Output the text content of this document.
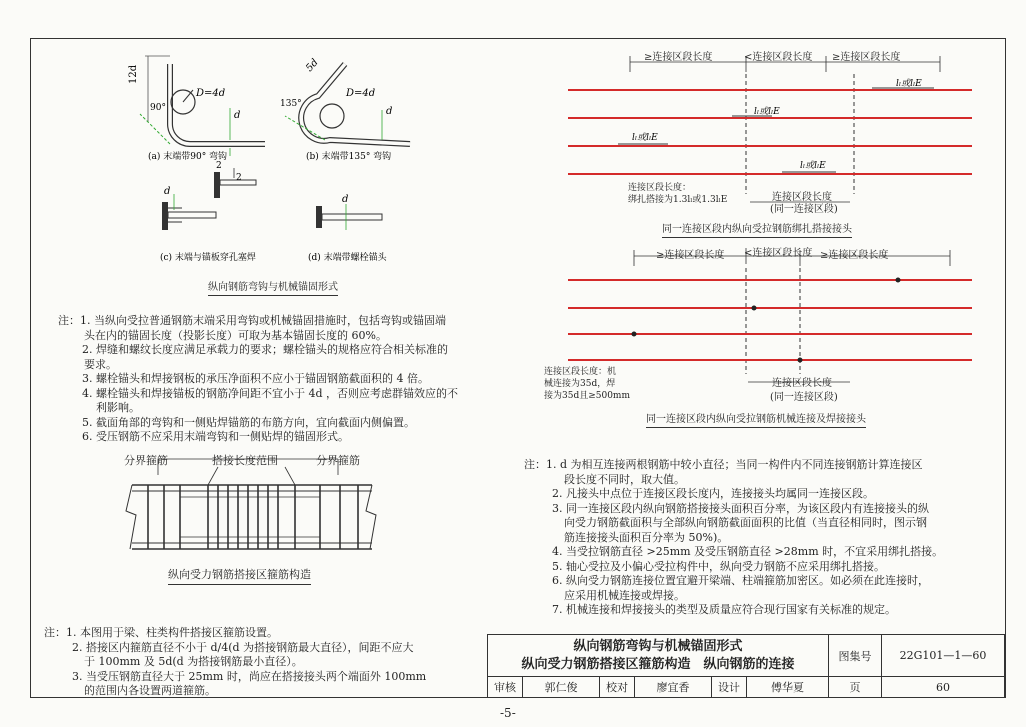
12d
D=4d
90°
d
(a) 末端带90° 弯钩
5d
D=4d
135°
d
(b) 末端带135° 弯钩
d
2
2
(c) 末端与锚板穿孔塞焊
d
(d) 末端带螺栓锚头
纵向钢筋弯钩与机械锚固形式

注：1. 当纵向受拉普通钢筋末端采用弯钩或机械锚固措施时，包括弯钩或锚固端

头在内的锚固长度（投影长度）可取为基本锚固长度的 60%。

2. 焊缝和螺纹长度应满足承载力的要求；螺栓锚头的规格应符合相关标准的

要求。

3. 螺栓锚头和焊接钢板的承压净面积不应小于锚固钢筋截面积的 4 倍。

4. 螺栓锚头和焊接锚板的钢筋净间距不宜小于 4d ，否则应考虑群锚效应的不

利影响。

5. 截面角部的弯钩和一侧贴焊锚筋的布筋方向，宜向截面内侧偏置。

6. 受压钢筋不应采用末端弯钩和一侧贴焊的锚固形式。

分界箍筋	搭接长度范围	分界箍筋
纵向受力钢筋搭接区箍筋构造

注：1. 本图用于梁、柱类构件搭接区箍筋设置。

2. 搭接区内箍筋直径不小于 d/4(d 为搭接钢筋最大直径），间距不应大

于 100mm 及 5d(d 为搭接钢筋最小直径）。

3. 当受压钢筋直径大于 25mm 时，尚应在搭接接头两个端面外 100mm

的范围内各设置两道箍筋。

lₗ或lₗE
lₗ或lₗE
lₗ或lₗE
lₗ或lₗE
≥连接区段长度	<连接区段长度 ≥连接区段长度
连接区段长度：
绑扎搭接为1.3lₗ或1.3lₗE	连接区段长度
(同一连接区段)
同一连接区段内纵向受拉钢筋绑扎搭接接头
≥连接区段长度 <连接区段长度 ≥连接区段长度
连接区段长度：机
械连接为35d，焊
接为35d且≥500mm
连接区段长度
(同一连接区段)
同一连接区段内纵向受拉钢筋机械连接及焊接接头

注：1. d 为相互连接两根钢筋中较小直径；当同一构件内不同连接钢筋计算连接区

段长度不同时，取大值。

2. 凡接头中点位于连接区段长度内，连接接头均属同一连接区段。

3. 同一连接区段内纵向钢筋搭接接头面积百分率，为该区段内有连接接头的纵

向受力钢筋截面积与全部纵向钢筋截面面积的比值（当直径相同时，图示钢

筋连接接头面积百分率为 50%)。

4. 当受拉钢筋直径 >25mm 及受压钢筋直径 >28mm 时，不宜采用绑扎搭接。

5. 轴心受拉及小偏心受拉构件中，纵向受力钢筋不应采用绑扎搭接。

6. 纵向受力钢筋连接位置宜避开梁端、柱端箍筋加密区。如必须在此连接时，

应采用机械连接或焊接。

7. 机械连接和焊接接头的类型及质量应符合现行国家有关标准的规定。

纵向钢筋弯钩与机械锚固形式
纵向受力钢筋搭接区箍筋构造　纵向钢筋的连接						图集号	22G101—1—60
审核	郭仁俊	校对	廖宜香	设计	傅华夏	页	60
-5-
